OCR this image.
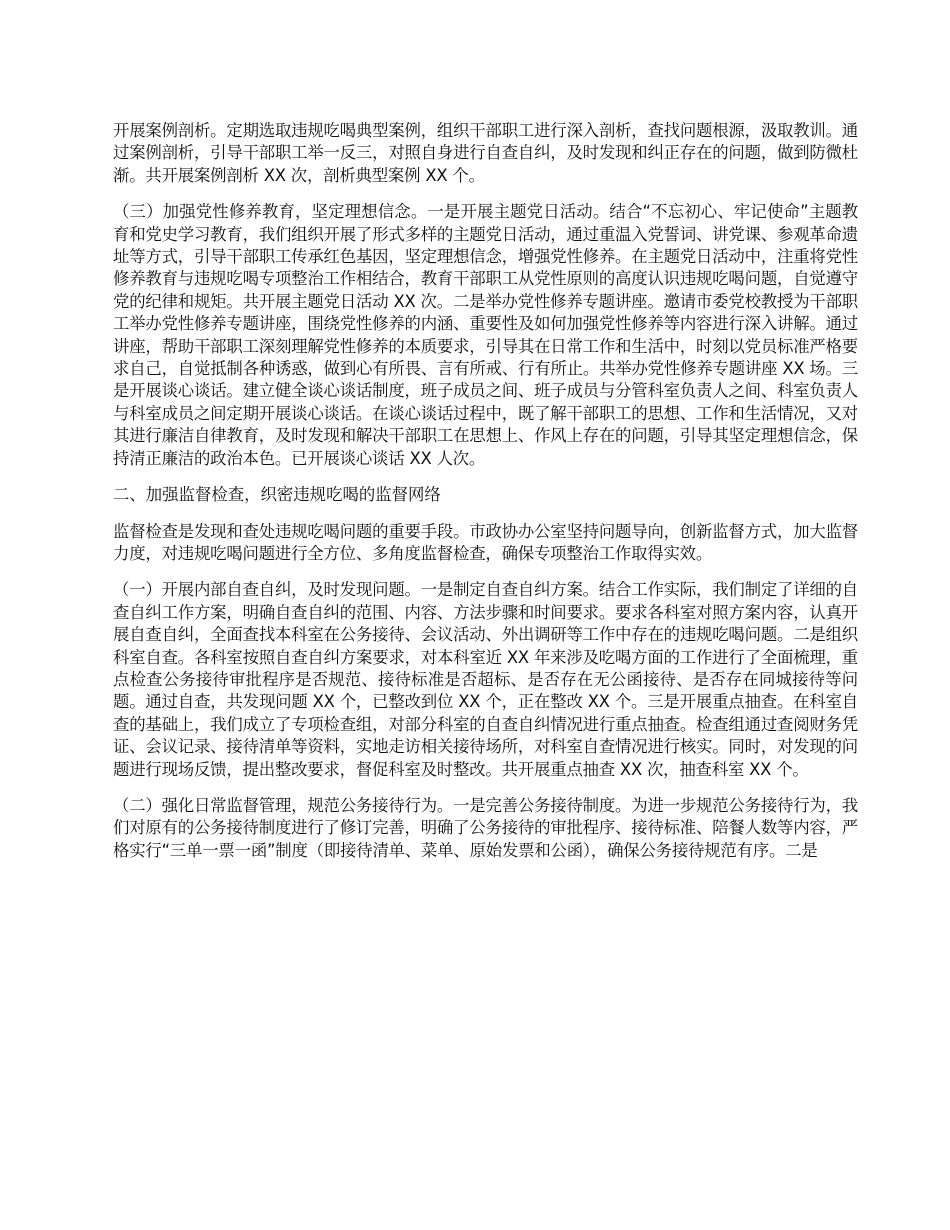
开展案例剖析。定期选取违规吃喝典型案例，组织干部职工进行深入剖析，查找问题根源，汲取教训。通过案例剖析，引导干部职工举一反三，对照自身进行自查自纠，及时发现和纠正存在的问题，做到防微杜渐。共开展案例剖析 XX 次，剖析典型案例 XX 个。

（三）加强党性修养教育，坚定理想信念。一是开展主题党日活动。结合“不忘初心、牢记使命”主题教育和党史学习教育，我们组织开展了形式多样的主题党日活动，通过重温入党誓词、讲党课、参观革命遗址等方式，引导干部职工传承红色基因，坚定理想信念，增强党性修养。在主题党日活动中，注重将党性修养教育与违规吃喝专项整治工作相结合，教育干部职工从党性原则的高度认识违规吃喝问题，自觉遵守党的纪律和规矩。共开展主题党日活动 XX 次。二是举办党性修养专题讲座。邀请市委党校教授为干部职工举办党性修养专题讲座，围绕党性修养的内涵、重要性及如何加强党性修养等内容进行深入讲解。通过讲座，帮助干部职工深刻理解党性修养的本质要求，引导其在日常工作和生活中，时刻以党员标准严格要求自己，自觉抵制各种诱惑，做到心有所畏、言有所戒、行有所止。共举办党性修养专题讲座 XX 场。三是开展谈心谈话。建立健全谈心谈话制度，班子成员之间、班子成员与分管科室负责人之间、科室负责人与科室成员之间定期开展谈心谈话。在谈心谈话过程中，既了解干部职工的思想、工作和生活情况，又对其进行廉洁自律教育，及时发现和解决干部职工在思想上、作风上存在的问题，引导其坚定理想信念，保持清正廉洁的政治本色。已开展谈心谈话 XX 人次。

二、加强监督检查，织密违规吃喝的监督网络

监督检查是发现和查处违规吃喝问题的重要手段。市政协办公室坚持问题导向，创新监督方式，加大监督力度，对违规吃喝问题进行全方位、多角度监督检查，确保专项整治工作取得实效。

（一）开展内部自查自纠，及时发现问题。一是制定自查自纠方案。结合工作实际，我们制定了详细的自查自纠工作方案，明确自查自纠的范围、内容、方法步骤和时间要求。要求各科室对照方案内容，认真开展自查自纠，全面查找本科室在公务接待、会议活动、外出调研等工作中存在的违规吃喝问题。二是组织科室自查。各科室按照自查自纠方案要求，对本科室近 XX 年来涉及吃喝方面的工作进行了全面梳理，重点检查公务接待审批程序是否规范、接待标准是否超标、是否存在无公函接待、是否存在同城接待等问题。通过自查，共发现问题 XX 个，已整改到位 XX 个，正在整改 XX 个。三是开展重点抽查。在科室自查的基础上，我们成立了专项检查组，对部分科室的自查自纠情况进行重点抽查。检查组通过查阅财务凭证、会议记录、接待清单等资料，实地走访相关接待场所，对科室自查情况进行核实。同时，对发现的问题进行现场反馈，提出整改要求，督促科室及时整改。共开展重点抽查 XX 次，抽查科室 XX 个。

（二）强化日常监督管理，规范公务接待行为。一是完善公务接待制度。为进一步规范公务接待行为，我们对原有的公务接待制度进行了修订完善，明确了公务接待的审批程序、接待标准、陪餐人数等内容，严格实行“三单一票一函”制度（即接待清单、菜单、原始发票和公函），确保公务接待规范有序。二是
